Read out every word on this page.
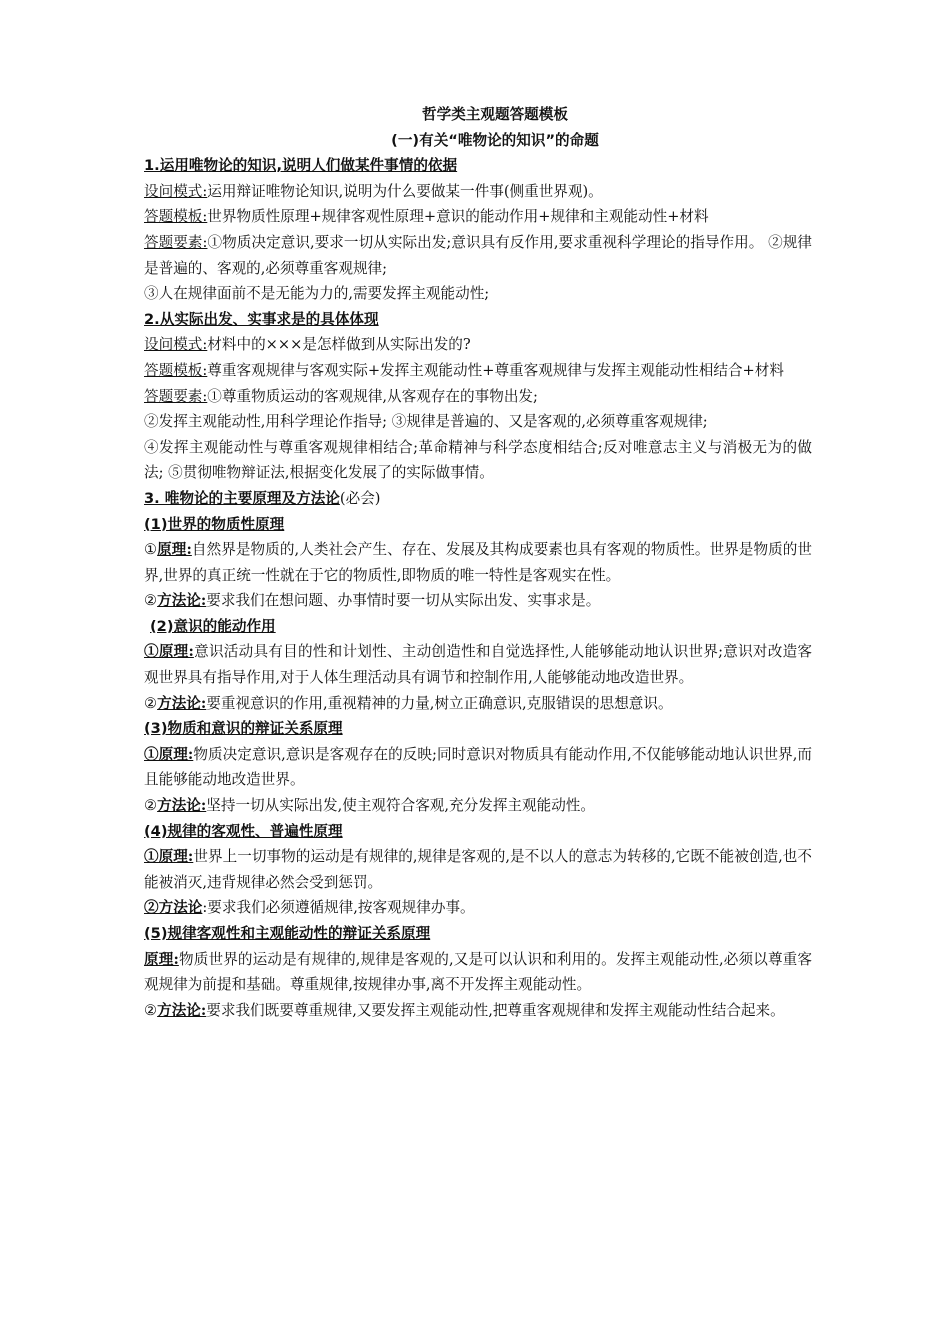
哲学类主观题答题模板

(一)有关“唯物论的知识”的命题

1.运用唯物论的知识,说明人们做某件事情的依据

设问模式:运用辩证唯物论知识,说明为什么要做某一件事(侧重世界观)。

答题模板:世界物质性原理+规律客观性原理+意识的能动作用+规律和主观能动性+材料

答题要素:①物质决定意识,要求一切从实际出发;意识具有反作用,要求重视科学理论的指导作用。 ②规律是普遍的、客观的,必须尊重客观规律;

③人在规律面前不是无能为力的,需要发挥主观能动性;

2.从实际出发、实事求是的具体体现

设问模式:材料中的×××是怎样做到从实际出发的?

答题模板:尊重客观规律与客观实际+发挥主观能动性+尊重客观规律与发挥主观能动性相结合+材料

答题要素:①尊重物质运动的客观规律,从客观存在的事物出发;

②发挥主观能动性,用科学理论作指导; ③规律是普遍的、又是客观的,必须尊重客观规律;

④发挥主观能动性与尊重客观规律相结合;革命精神与科学态度相结合;反对唯意志主义与消极无为的做法; ⑤贯彻唯物辩证法,根据变化发展了的实际做事情。

3. 唯物论的主要原理及方法论(必会)

(1)世界的物质性原理

①原理:自然界是物质的,人类社会产生、存在、发展及其构成要素也具有客观的物质性。世界是物质的世界,世界的真正统一性就在于它的物质性,即物质的唯一特性是客观实在性。

②方法论:要求我们在想问题、办事情时要一切从实际出发、实事求是。

(2)意识的能动作用

①原理:意识活动具有目的性和计划性、主动创造性和自觉选择性,人能够能动地认识世界;意识对改造客观世界具有指导作用,对于人体生理活动具有调节和控制作用,人能够能动地改造世界。

②方法论:要重视意识的作用,重视精神的力量,树立正确意识,克服错误的思想意识。

(3)物质和意识的辩证关系原理

①原理:物质决定意识,意识是客观存在的反映;同时意识对物质具有能动作用,不仅能够能动地认识世界,而且能够能动地改造世界。

②方法论:坚持一切从实际出发,使主观符合客观,充分发挥主观能动性。

(4)规律的客观性、普遍性原理

①原理:世界上一切事物的运动是有规律的,规律是客观的,是不以人的意志为转移的,它既不能被创造,也不能被消灭,违背规律必然会受到惩罚。

②方法论:要求我们必须遵循规律,按客观规律办事。

(5)规律客观性和主观能动性的辩证关系原理

原理:物质世界的运动是有规律的,规律是客观的,又是可以认识和利用的。发挥主观能动性,必须以尊重客观规律为前提和基础。尊重规律,按规律办事,离不开发挥主观能动性。

②方法论:要求我们既要尊重规律,又要发挥主观能动性,把尊重客观规律和发挥主观能动性结合起来。
